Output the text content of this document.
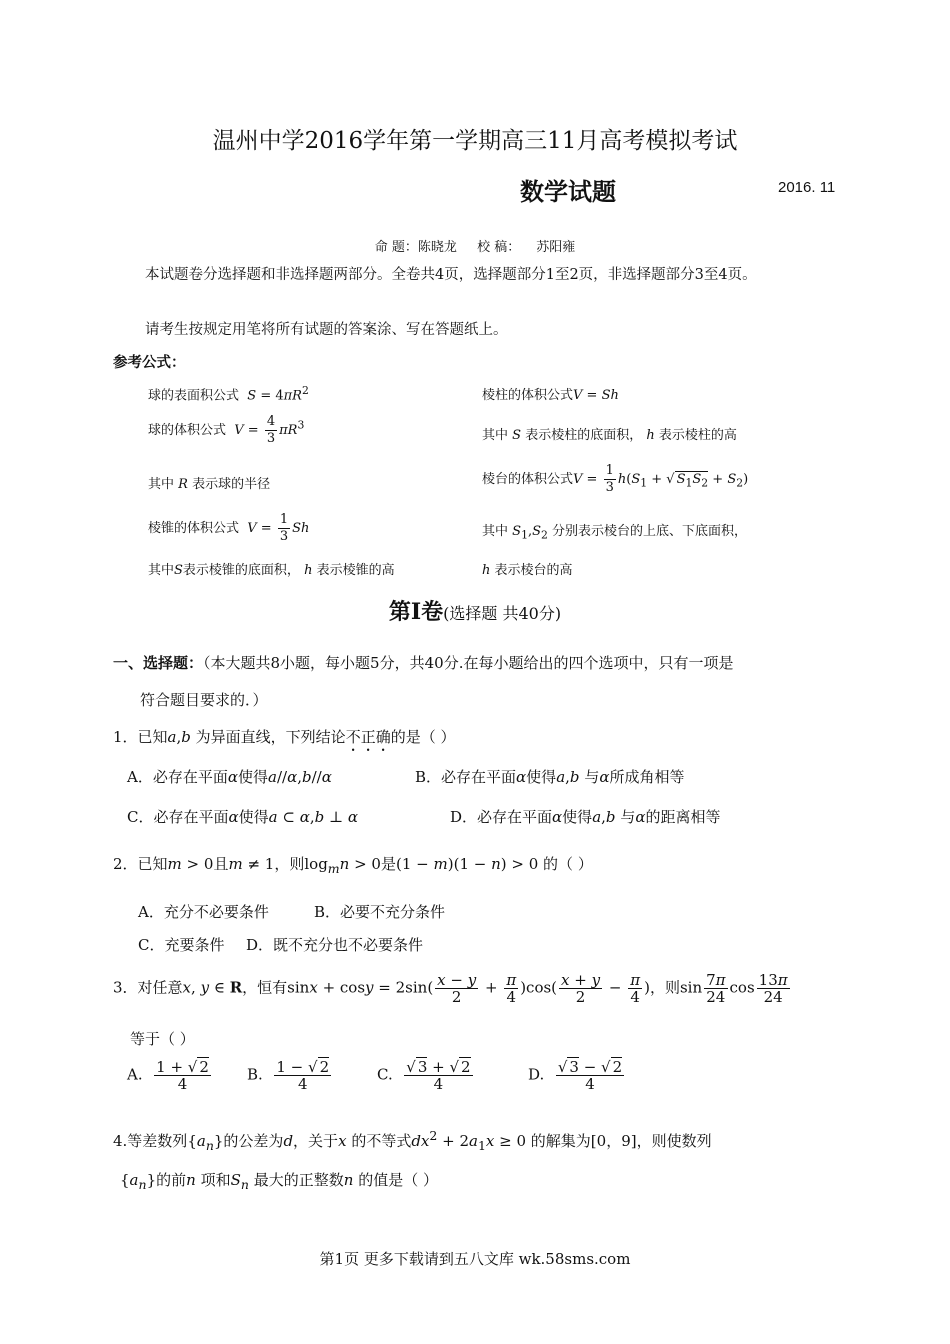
温州中学2016学年第一学期高三11月高考模拟考试
数学试题	2016. 11
命 题：陈晓龙 校 稿： 苏阳雍
本试题卷分选择题和非选择题两部分。全卷共4页，选择题部分1至2页，非选择题部分3至4页。
请考生按规定用笔将所有试题的答案涂、写在答题纸上。
参考公式：
球的表面积公式 $S = 4\pi R^2$
球的体积公式 $V = \frac{4}{3} \pi R^3$
其中 R 表示球的半径
棱锥的体积公式 $V = \frac{1}{3}$ Sh
其中S表示棱锥的底面积， h 表示棱锥的高
棱柱的体积公式V = Sh
其中 S 表示棱柱的底面积， h 表示棱柱的高
棱台的体积公式$V = \frac{1}{3} h(S_1$ + √ $S_1S_2 + S_2$)
其中 $S_1,S_2$ 分别表示棱台的上底、下底面积，
h 表示棱台的高
第Ⅰ卷(选择题 共40分)
一、选择题：（本大题共8小题，每小题5分，共40分.在每小题给出的四个选项中，只有一项是
符合题目要求的．）
1．已知a,b 为异面直线，下列结论不正确的是（ ）
A．必存在平面α使得a//α,b//α	B．必存在平面α使得a,b 与α所成角相等
C．必存在平面α使得a ⊂ α,b ⊥ α	D．必存在平面α使得a,b 与α的距离相等
2．已知m > 0且m ≠ 1，则$\log_mn > 0$是(1 − m)(1 − n) > 0 的（ ）
A．充分不必要条件	B．必要不充分条件
C．充要条件 D．既不充分也不必要条件
3．对任意x, y ∈ R，恒有$\sin x + \cos y = 2\sin( \frac{x - y}{2} + \frac{\pi}{4} )\cos( \frac{x + y}{2} - \frac{\pi}{4}$ )，则$\sin \frac{7\pi}{24}$ $\cos \frac{13\pi}{24}$
等于（ ）
A. $\frac{1 + √ 2}{4} B$. $\frac{1 - √ 2}{4}$	C. $\frac{√ 3 + √ 2}{4}$	D. $\frac{√ 3 - √ 2}{4}$
4.等差数列$\{a_n\}$的公差为d，关于x 的不等式$dx^2 + 2a_1x \ge 0$ 的解集为[0，9]，则使数列
$\{a_n\}$的前n 项和$S_n$ 最大的正整数n 的值是（ ）
第1页 更多下载请到五八文库 wk.58sms.com
